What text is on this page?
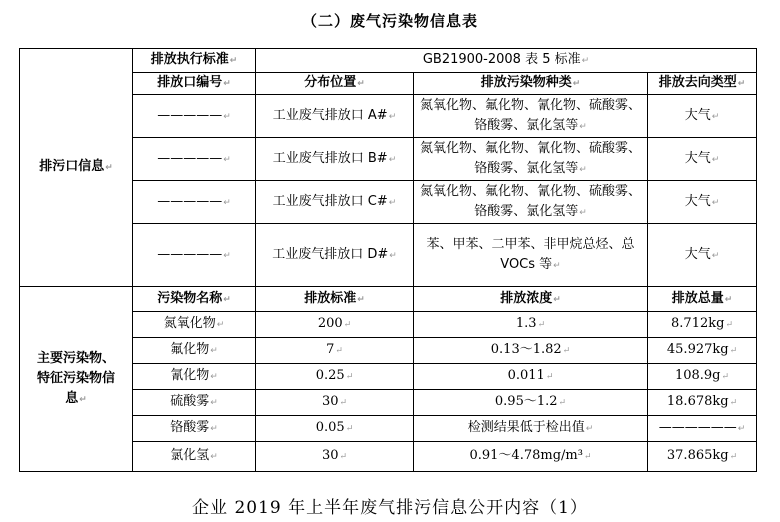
（二）废气污染物信息表
排污口信息↵	排放执行标准↵	GB21900-2008 表 5 标准↵		
	排放口编号↵	分布位置↵	排放污染物种类↵	排放去向类型↵
	—————↵	工业废气排放口 A#↵	氮氧化物、氟化物、氰化物、硫酸雾、铬酸雾、氯化氢等↵	大气↵
	—————↵	工业废气排放口 B#↵	氮氧化物、氟化物、氰化物、硫酸雾、铬酸雾、氯化氢等↵	大气↵
	—————↵	工业废气排放口 C#↵	氮氧化物、氟化物、氰化物、硫酸雾、铬酸雾、氯化氢等↵	大气↵
	—————↵	工业废气排放口 D#↵	苯、甲苯、二甲苯、非甲烷总烃、总 VOCs 等↵	大气↵
主要污染物、特征污染物信息↵	污染物名称↵	排放标准↵	排放浓度↵	排放总量↵
	氮氧化物↵	200↵	1.3↵	8.712kg↵
	氟化物↵	7↵	0.13～1.82↵	45.927kg↵
	氰化物↵	0.25↵	0.011↵	108.9g↵
	硫酸雾↵	30↵	0.95～1.2↵	18.678kg↵
	铬酸雾↵	0.05↵	检测结果低于检出值↵	——————↵
	氯化氢↵	30↵	0.91～4.78mg/m³↵	37.865kg↵
企业 2019 年上半年废气排污信息公开内容（1）
